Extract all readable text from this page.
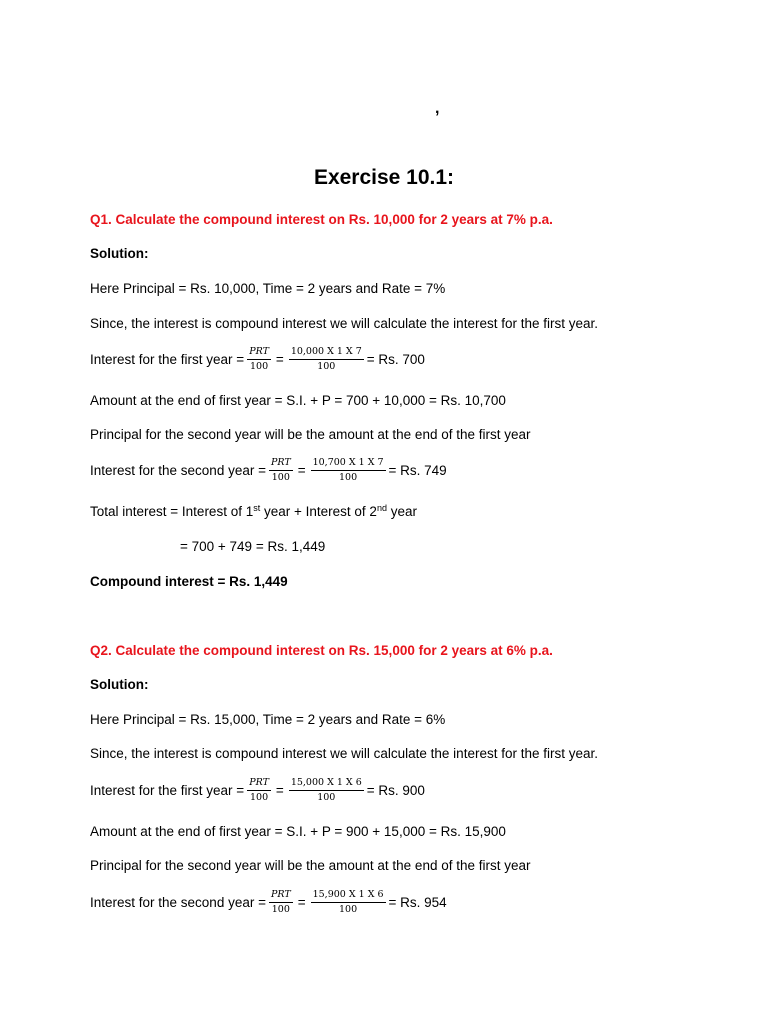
,
Exercise 10.1:
Q1. Calculate the compound interest on Rs. 10,000 for 2 years at 7% p.a.
Solution:
Here Principal = Rs. 10,000, Time = 2 years and Rate = 7%
Since, the interest is compound interest we will calculate the interest for the first year.
Interest for the first year = $\frac{\text{PRT}}{100} = \frac{10,000 X 1 X 7}{100} = Rs$. 700
Amount at the end of first year = S.I. + P = 700 + 10,000 = Rs. 10,700
Principal for the second year will be the amount at the end of the first year
Interest for the second year = $\frac{\text{PRT}}{100} = \frac{10,700 X 1 X 7}{100} = Rs$. 749
Total interest = Interest of 1st year + Interest of 2nd year
= 700 + 749 = Rs. 1,449
Compound interest = Rs. 1,449
Q2. Calculate the compound interest on Rs. 15,000 for 2 years at 6% p.a.
Solution:
Here Principal = Rs. 15,000, Time = 2 years and Rate = 6%
Since, the interest is compound interest we will calculate the interest for the first year.
Interest for the first year = $\frac{\text{PRT}}{100} = \frac{15,000 X 1 X 6}{100} = Rs$. 900
Amount at the end of first year = S.I. + P = 900 + 15,000 = Rs. 15,900
Principal for the second year will be the amount at the end of the first year
Interest for the second year = $\frac{\text{PRT}}{100} = \frac{15,900 X 1 X 6}{100} = Rs$. 954
